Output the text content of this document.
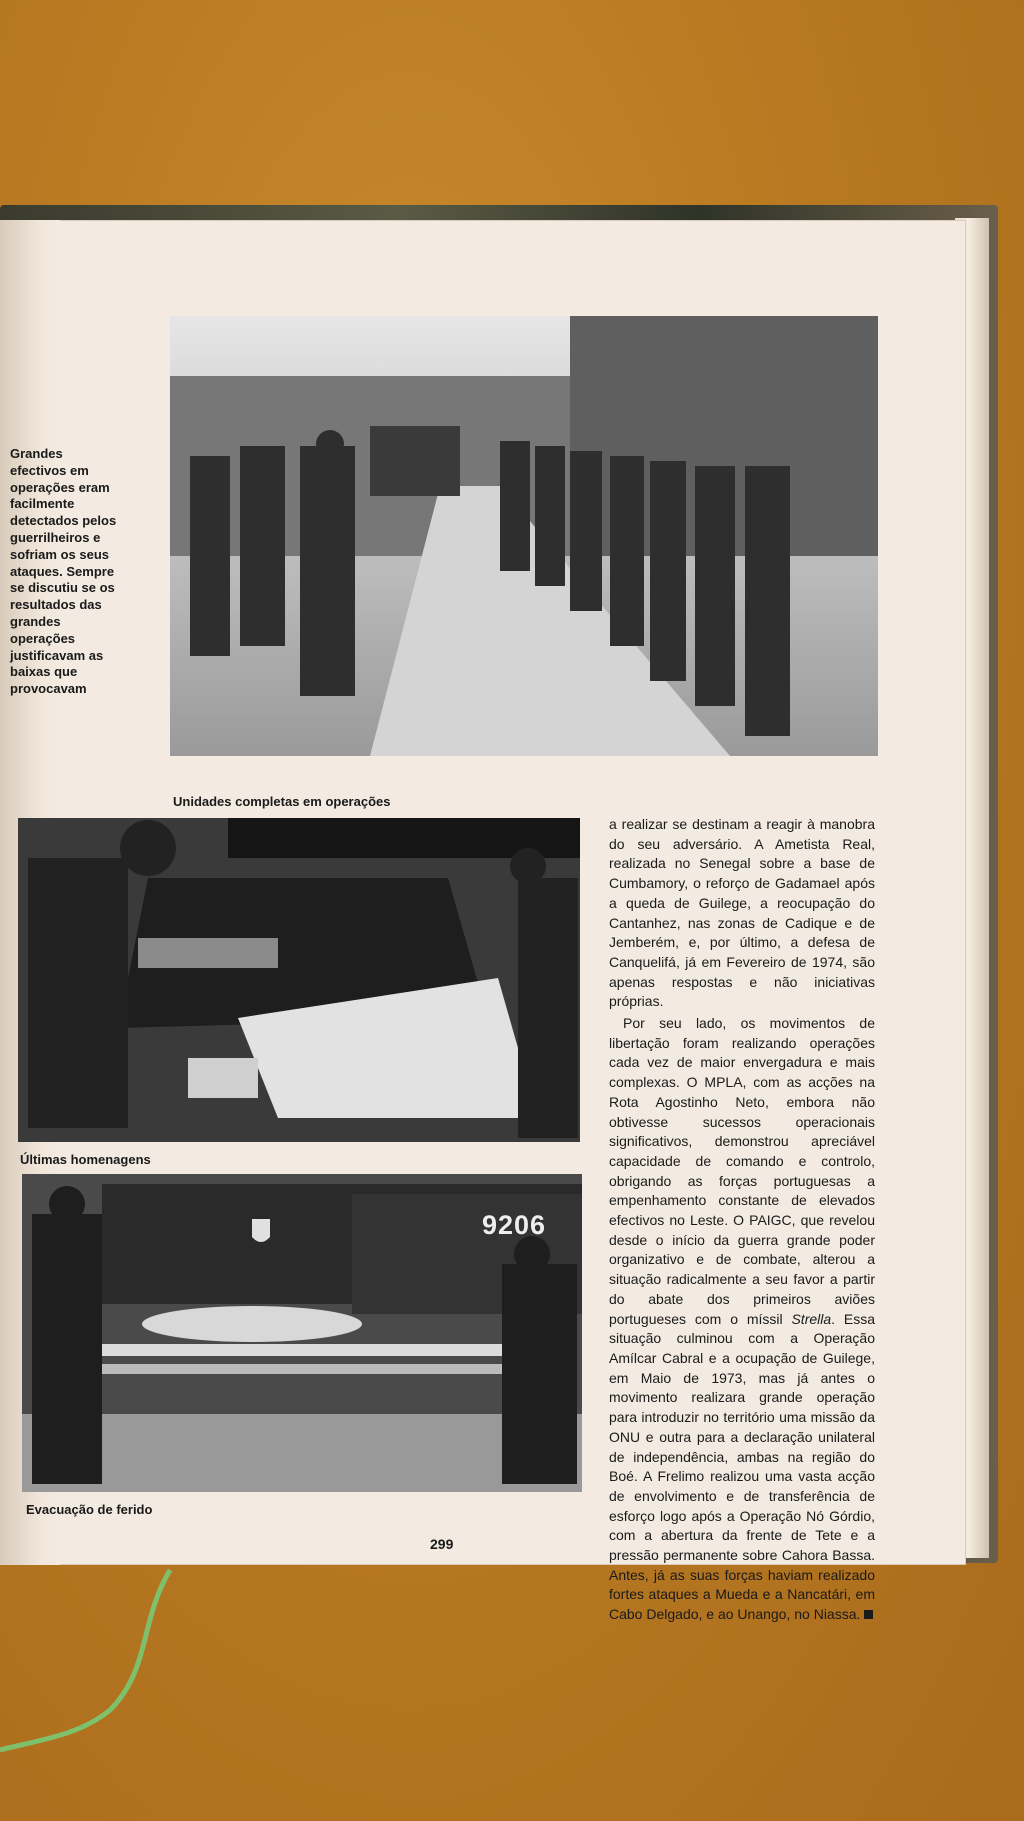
Unidades completas em operações
Últimas homenagens
9206
Evacuação de ferido

a realizar se destinam a reagir à manobra do seu adversário. A Ametista Real, realizada no Senegal sobre a base de Cumbamory, o reforço de Gadamael após a queda de Guilege, a reocupação do Cantanhez, nas zonas de Cadique e de Jemberém, e, por último, a defesa de Canquelifá, já em Fevereiro de 1974, são apenas respostas e não iniciativas próprias.

Por seu lado, os movimentos de libertação foram realizando operações cada vez de maior envergadura e mais complexas. O MPLA, com as acções na Rota Agostinho Neto, embora não obtivesse sucessos operacionais significativos, demonstrou apreciável capacidade de comando e controlo, obrigando as forças portuguesas a empenhamento constante de elevados efectivos no Leste. O PAIGC, que revelou desde o início da guerra grande poder organizativo e de combate, alterou a situação radicalmente a seu favor a partir do abate dos primeiros aviões portugueses com o míssil Strella. Essa situação culminou com a Operação Amílcar Cabral e a ocupação de Guilege, em Maio de 1973, mas já antes o movimento realizara grande operação para introduzir no território uma missão da ONU e outra para a declaração unilateral de independência, ambas na região do Boé. A Frelimo realizou uma vasta acção de envolvimento e de transferência de esforço logo após a Operação Nó Górdio, com a abertura da frente de Tete e a pressão permanente sobre Cahora Bassa. Antes, já as suas forças haviam realizado fortes ataques a Mueda e a Nancatári, em Cabo Delgado, e ao Unango, no Niassa.

299
Grandes efectivos em operações eram facilmente detectados pelos guerrilheiros e sofriam os seus ataques. Sempre se discutiu se os resultados das grandes operações justificavam as baixas que provocavam
